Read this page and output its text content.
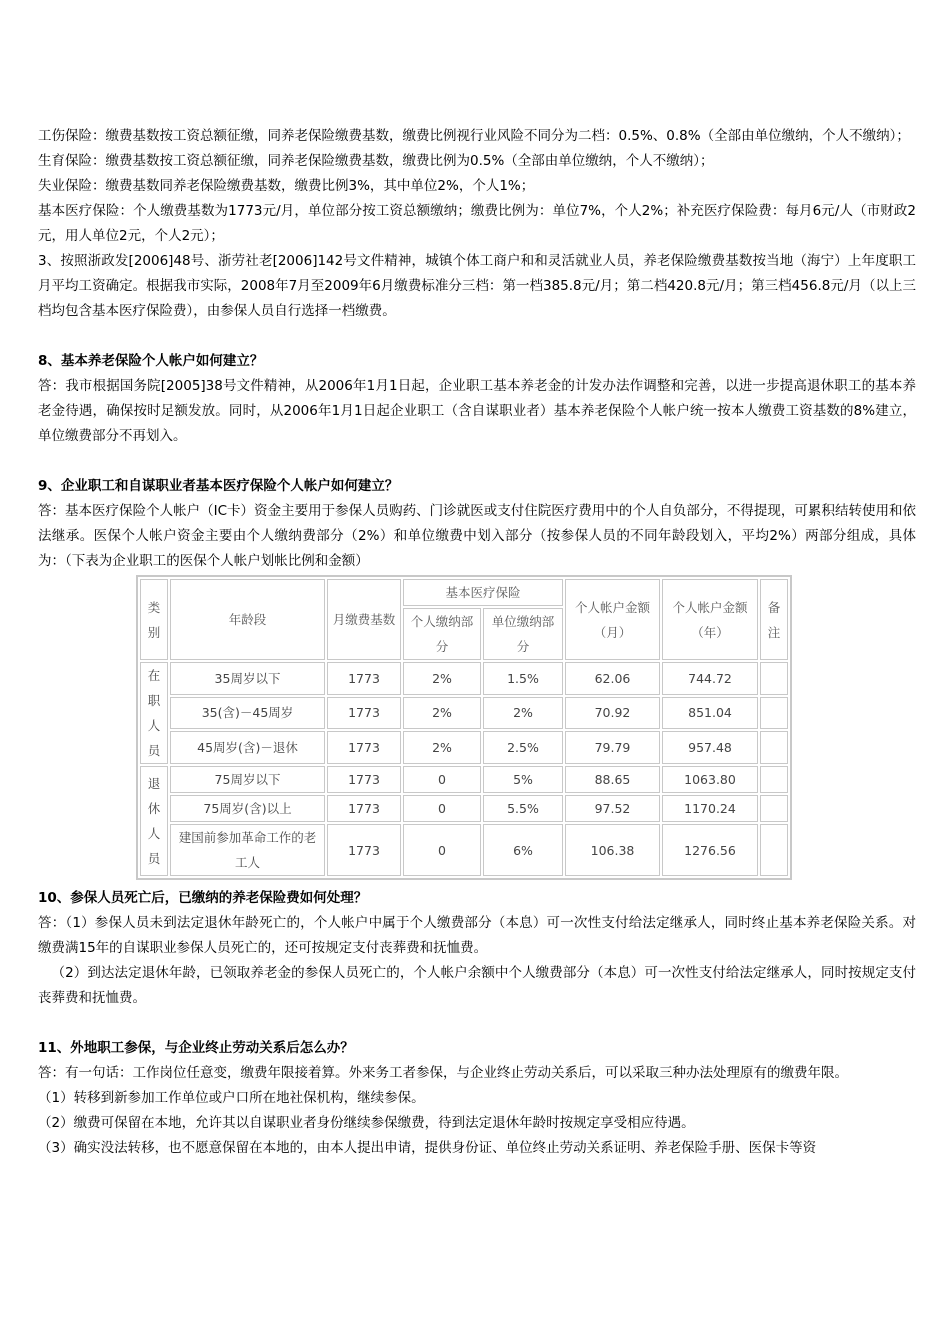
工伤保险：缴费基数按工资总额征缴，同养老保险缴费基数，缴费比例视行业风险不同分为二档：0.5%、0.8%（全部由单位缴纳，个人不缴纳）；

生育保险：缴费基数按工资总额征缴，同养老保险缴费基数，缴费比例为0.5%（全部由单位缴纳，个人不缴纳）；

失业保险：缴费基数同养老保险缴费基数，缴费比例3%，其中单位2%，个人1%；

基本医疗保险：个人缴费基数为1773元/月，单位部分按工资总额缴纳；缴费比例为：单位7%，个人2%；补充医疗保险费：每月6元/人（市财政2元，用人单位2元，个人2元）；

3、按照浙政发[2006]48号、浙劳社老[2006]142号文件精神，城镇个体工商户和和灵活就业人员，养老保险缴费基数按当地（海宁）上年度职工月平均工资确定。根据我市实际，2008年7月至2009年6月缴费标准分三档：第一档385.8元/月；第二档420.8元/月；第三档456.8元/月（以上三档均包含基本医疗保险费），由参保人员自行选择一档缴费。

8、基本养老保险个人帐户如何建立？

答：我市根据国务院[2005]38号文件精神，从2006年1月1日起，企业职工基本养老金的计发办法作调整和完善，以进一步提高退休职工的基本养老金待遇，确保按时足额发放。同时，从2006年1月1日起企业职工（含自谋职业者）基本养老保险个人帐户统一按本人缴费工资基数的8%建立，单位缴费部分不再划入。

9、企业职工和自谋职业者基本医疗保险个人帐户如何建立？

答：基本医疗保险个人帐户（IC卡）资金主要用于参保人员购药、门诊就医或支付住院医疗费用中的个人自负部分，不得提现，可累积结转使用和依法继承。医保个人帐户资金主要由个人缴纳费部分（2%）和单位缴费中划入部分（按参保人员的不同年龄段划入，平均2%）两部分组成，具体为：（下表为企业职工的医保个人帐户划帐比例和金额）

类别	年龄段	月缴费基数	基本医疗保险		个人帐户金额（月）	个人帐户金额（年）	备注
			个人缴纳部分	单位缴纳部分			
在职人员	35周岁以下	1773	2%	1.5%	62.06	744.72	
	35(含)－45周岁	1773	2%	2%	70.92	851.04	
	45周岁(含)－退休	1773	2%	2.5%	79.79	957.48	
退休人员	75周岁以下	1773	0	5%	88.65	1063.80	
	75周岁(含)以上	1773	0	5.5%	97.52	1170.24	
	建国前参加革命工作的老工人	1773	0	6%	106.38	1276.56	
10、参保人员死亡后，已缴纳的养老保险费如何处理？

答：（1）参保人员未到法定退休年龄死亡的，个人帐户中属于个人缴费部分（本息）可一次性支付给法定继承人，同时终止基本养老保险关系。对缴费满15年的自谋职业参保人员死亡的，还可按规定支付丧葬费和抚恤费。

（2）到达法定退休年龄，已领取养老金的参保人员死亡的，个人帐户余额中个人缴费部分（本息）可一次性支付给法定继承人，同时按规定支付丧葬费和抚恤费。

11、外地职工参保，与企业终止劳动关系后怎么办？

答：有一句话：工作岗位任意变，缴费年限接着算。外来务工者参保，与企业终止劳动关系后，可以采取三种办法处理原有的缴费年限。

（1）转移到新参加工作单位或户口所在地社保机构，继续参保。

（2）缴费可保留在本地，允许其以自谋职业者身份继续参保缴费，待到法定退休年龄时按规定享受相应待遇。

（3）确实没法转移，也不愿意保留在本地的，由本人提出申请，提供身份证、单位终止劳动关系证明、养老保险手册、医保卡等资
